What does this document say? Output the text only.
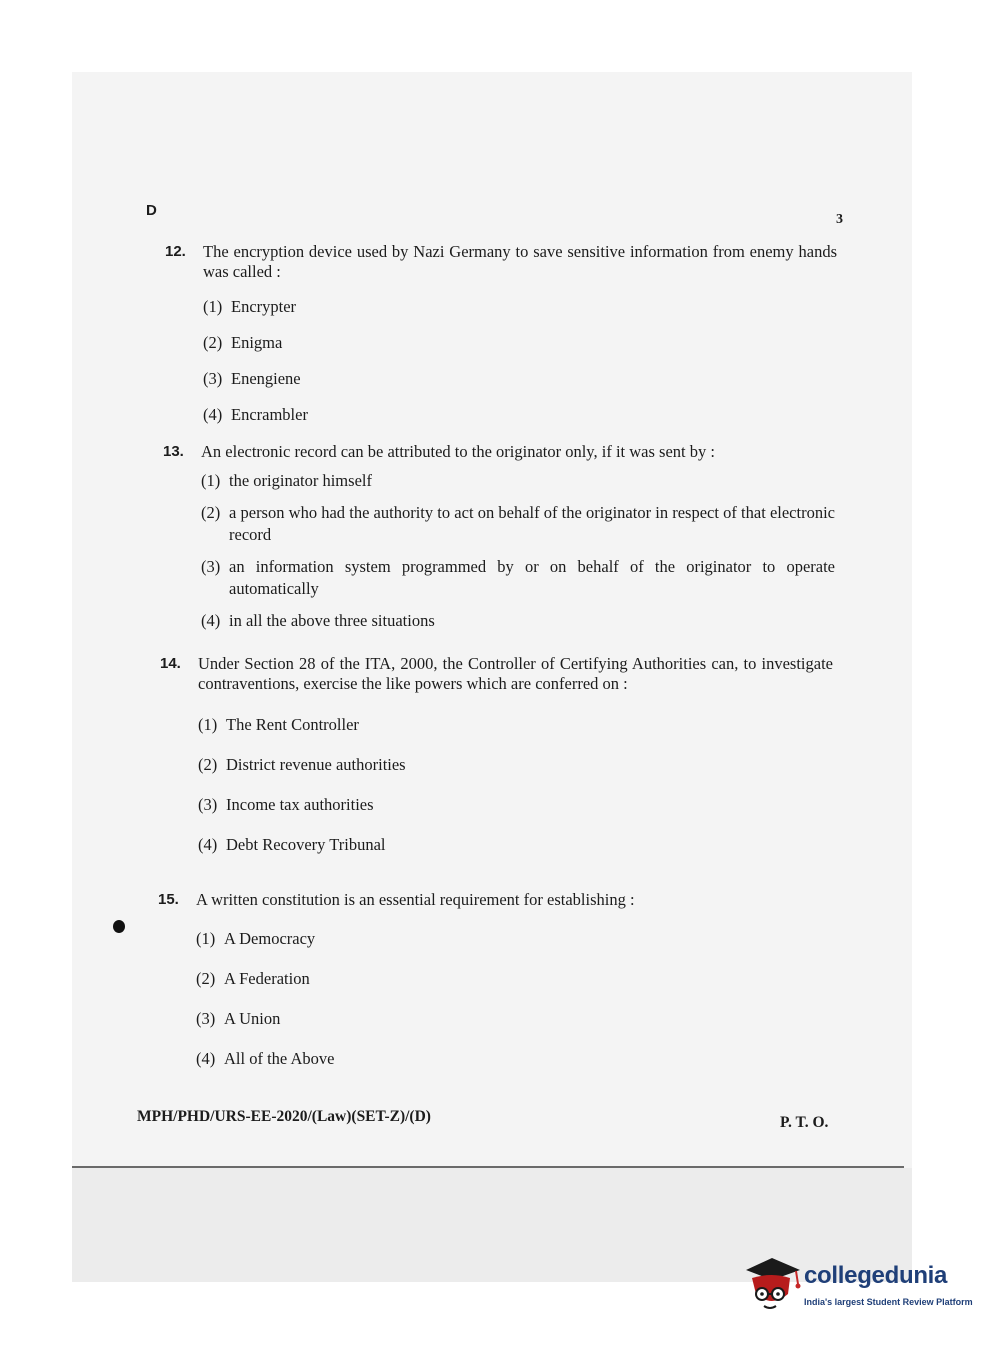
D
3
12.	The encryption device used by Nazi Germany to save sensitive information from enemy hands was called :
(1) Encrypter
(2) Enigma
(3) Enengiene
(4) Encrambler
13.	An electronic record can be attributed to the originator only, if it was sent by :
(1) the originator himself
(2) a person who had the authority to act on behalf of the originator in respect of that electronic record
(3) an information system programmed by or on behalf of the originator to operate automatically
(4) in all the above three situations
14.	Under Section 28 of the ITA, 2000, the Controller of Certifying Authorities can, to investigate contraventions, exercise the like powers which are conferred on :
(1) The Rent Controller
(2) District revenue authorities
(3) Income tax authorities
(4) Debt Recovery Tribunal
15.	A written constitution is an essential requirement for establishing :
(1) A Democracy
(2) A Federation
(3) A Union
(4) All of the Above
MPH/PHD/URS-EE-2020/(Law)(SET-Z)/(D)	P. T. O.
collegedunia
India's largest Student Review Platform
